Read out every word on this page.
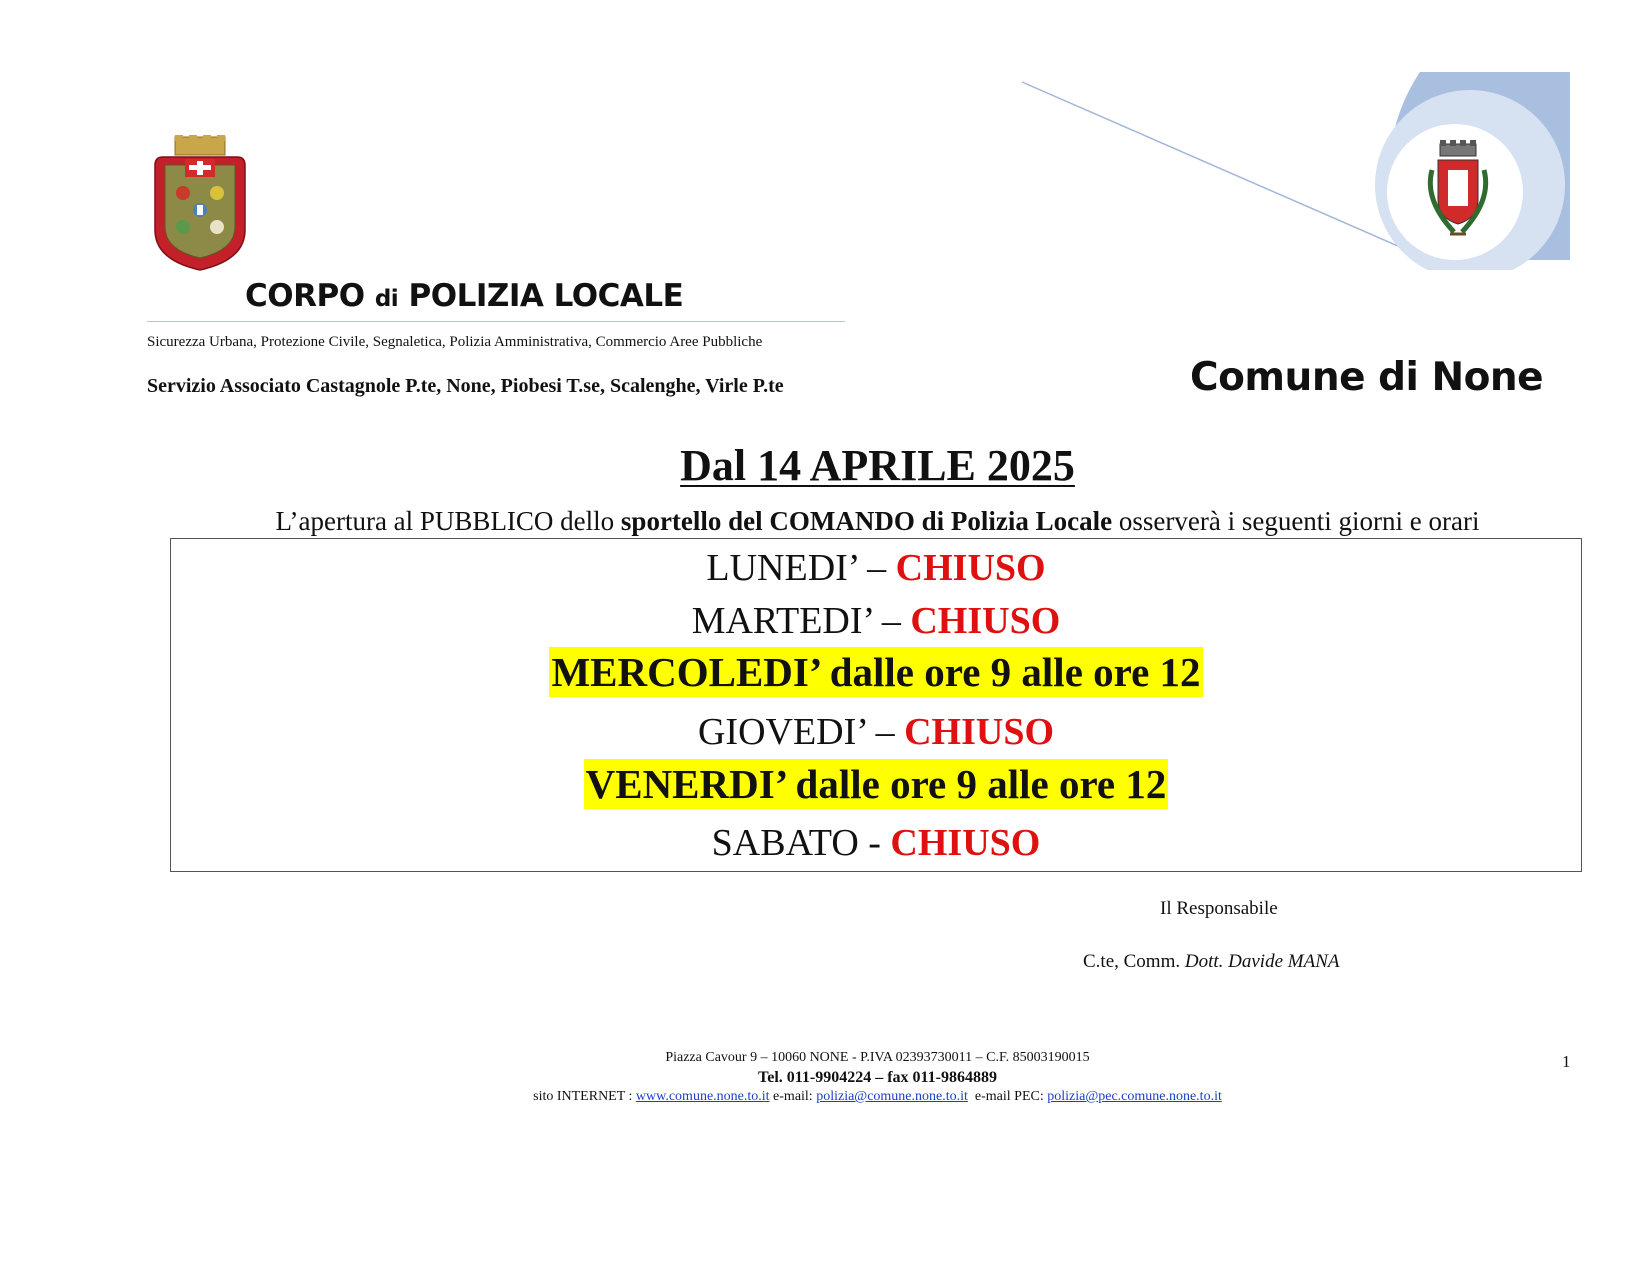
CORPO di POLIZIA LOCALE
Sicurezza Urbana, Protezione Civile, Segnaletica, Polizia Amministrativa, Commercio Aree Pubbliche
Servizio Associato Castagnole P.te, None, Piobesi T.se, Scalenghe, Virle P.te	Comune di None
Dal 14 APRILE 2025
L’apertura al PUBBLICO dello sportello del COMANDO di Polizia Locale osserverà i seguenti giorni e orari
LUNEDI’ – CHIUSO
MARTEDI’ – CHIUSO
MERCOLEDI’ dalle ore 9 alle ore 12
GIOVEDI’ – CHIUSO
VENERDI’ dalle ore 9 alle ore 12
SABATO - CHIUSO
Il Responsabile
C.te, Comm. Dott. Davide MANA
Piazza Cavour 9 – 10060 NONE - P.IVA 02393730011 – C.F. 85003190015
Tel. 011-9904224 – fax 011-9864889
sito INTERNET : www.comune.none.to.it e-mail: polizia@comune.none.to.it  e-mail PEC: polizia@pec.comune.none.to.it
1
